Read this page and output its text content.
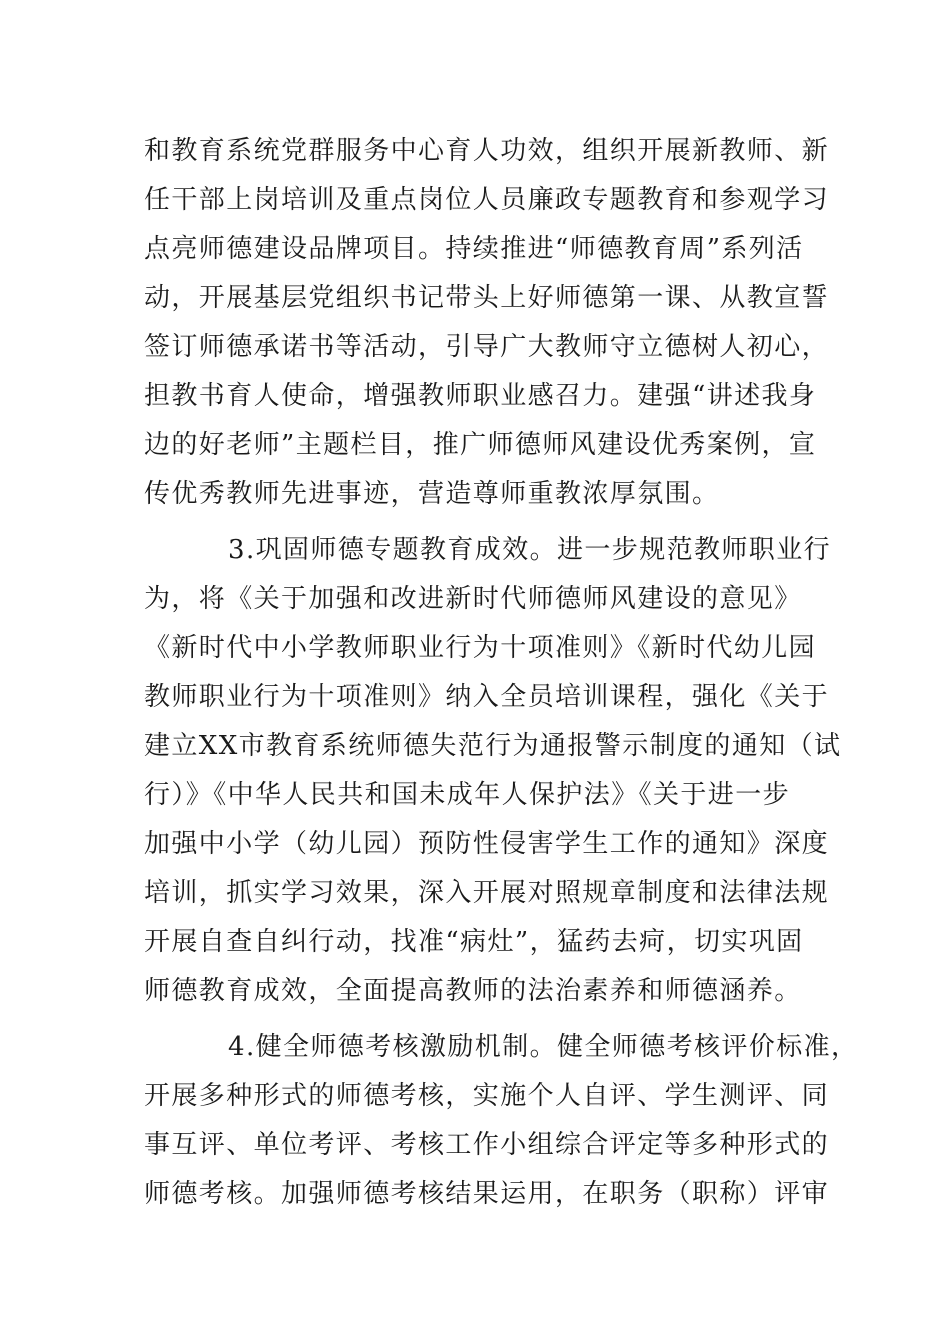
和教育系统党群服务中心育人功效，组织开展新教师、新
任干部上岗培训及重点岗位人员廉政专题教育和参观学习
点亮师德建设品牌项目。持续推进“师德教育周”系列活
动，开展基层党组织书记带头上好师德第一课、从教宣誓
签订师德承诺书等活动，引导广大教师守立德树人初心，
担教书育人使命，增强教师职业感召力。建强“讲述我身
边的好老师”主题栏目，推广师德师风建设优秀案例，宣
传优秀教师先进事迹，营造尊师重教浓厚氛围。
3.巩固师德专题教育成效。进一步规范教师职业行
为，将《关于加强和改进新时代师德师风建设的意见》
《新时代中小学教师职业行为十项准则》《新时代幼儿园
教师职业行为十项准则》纳入全员培训课程，强化《关于
建立XX市教育系统师德失范行为通报警示制度的通知（试
行）》《中华人民共和国未成年人保护法》《关于进一步
加强中小学（幼儿园）预防性侵害学生工作的通知》深度
培训，抓实学习效果，深入开展对照规章制度和法律法规
开展自查自纠行动，找准“病灶”，猛药去疴，切实巩固
师德教育成效，全面提高教师的法治素养和师德涵养。
4.健全师德考核激励机制。健全师德考核评价标准，
开展多种形式的师德考核，实施个人自评、学生测评、同
事互评、单位考评、考核工作小组综合评定等多种形式的
师德考核。加强师德考核结果运用，在职务（职称）评审
